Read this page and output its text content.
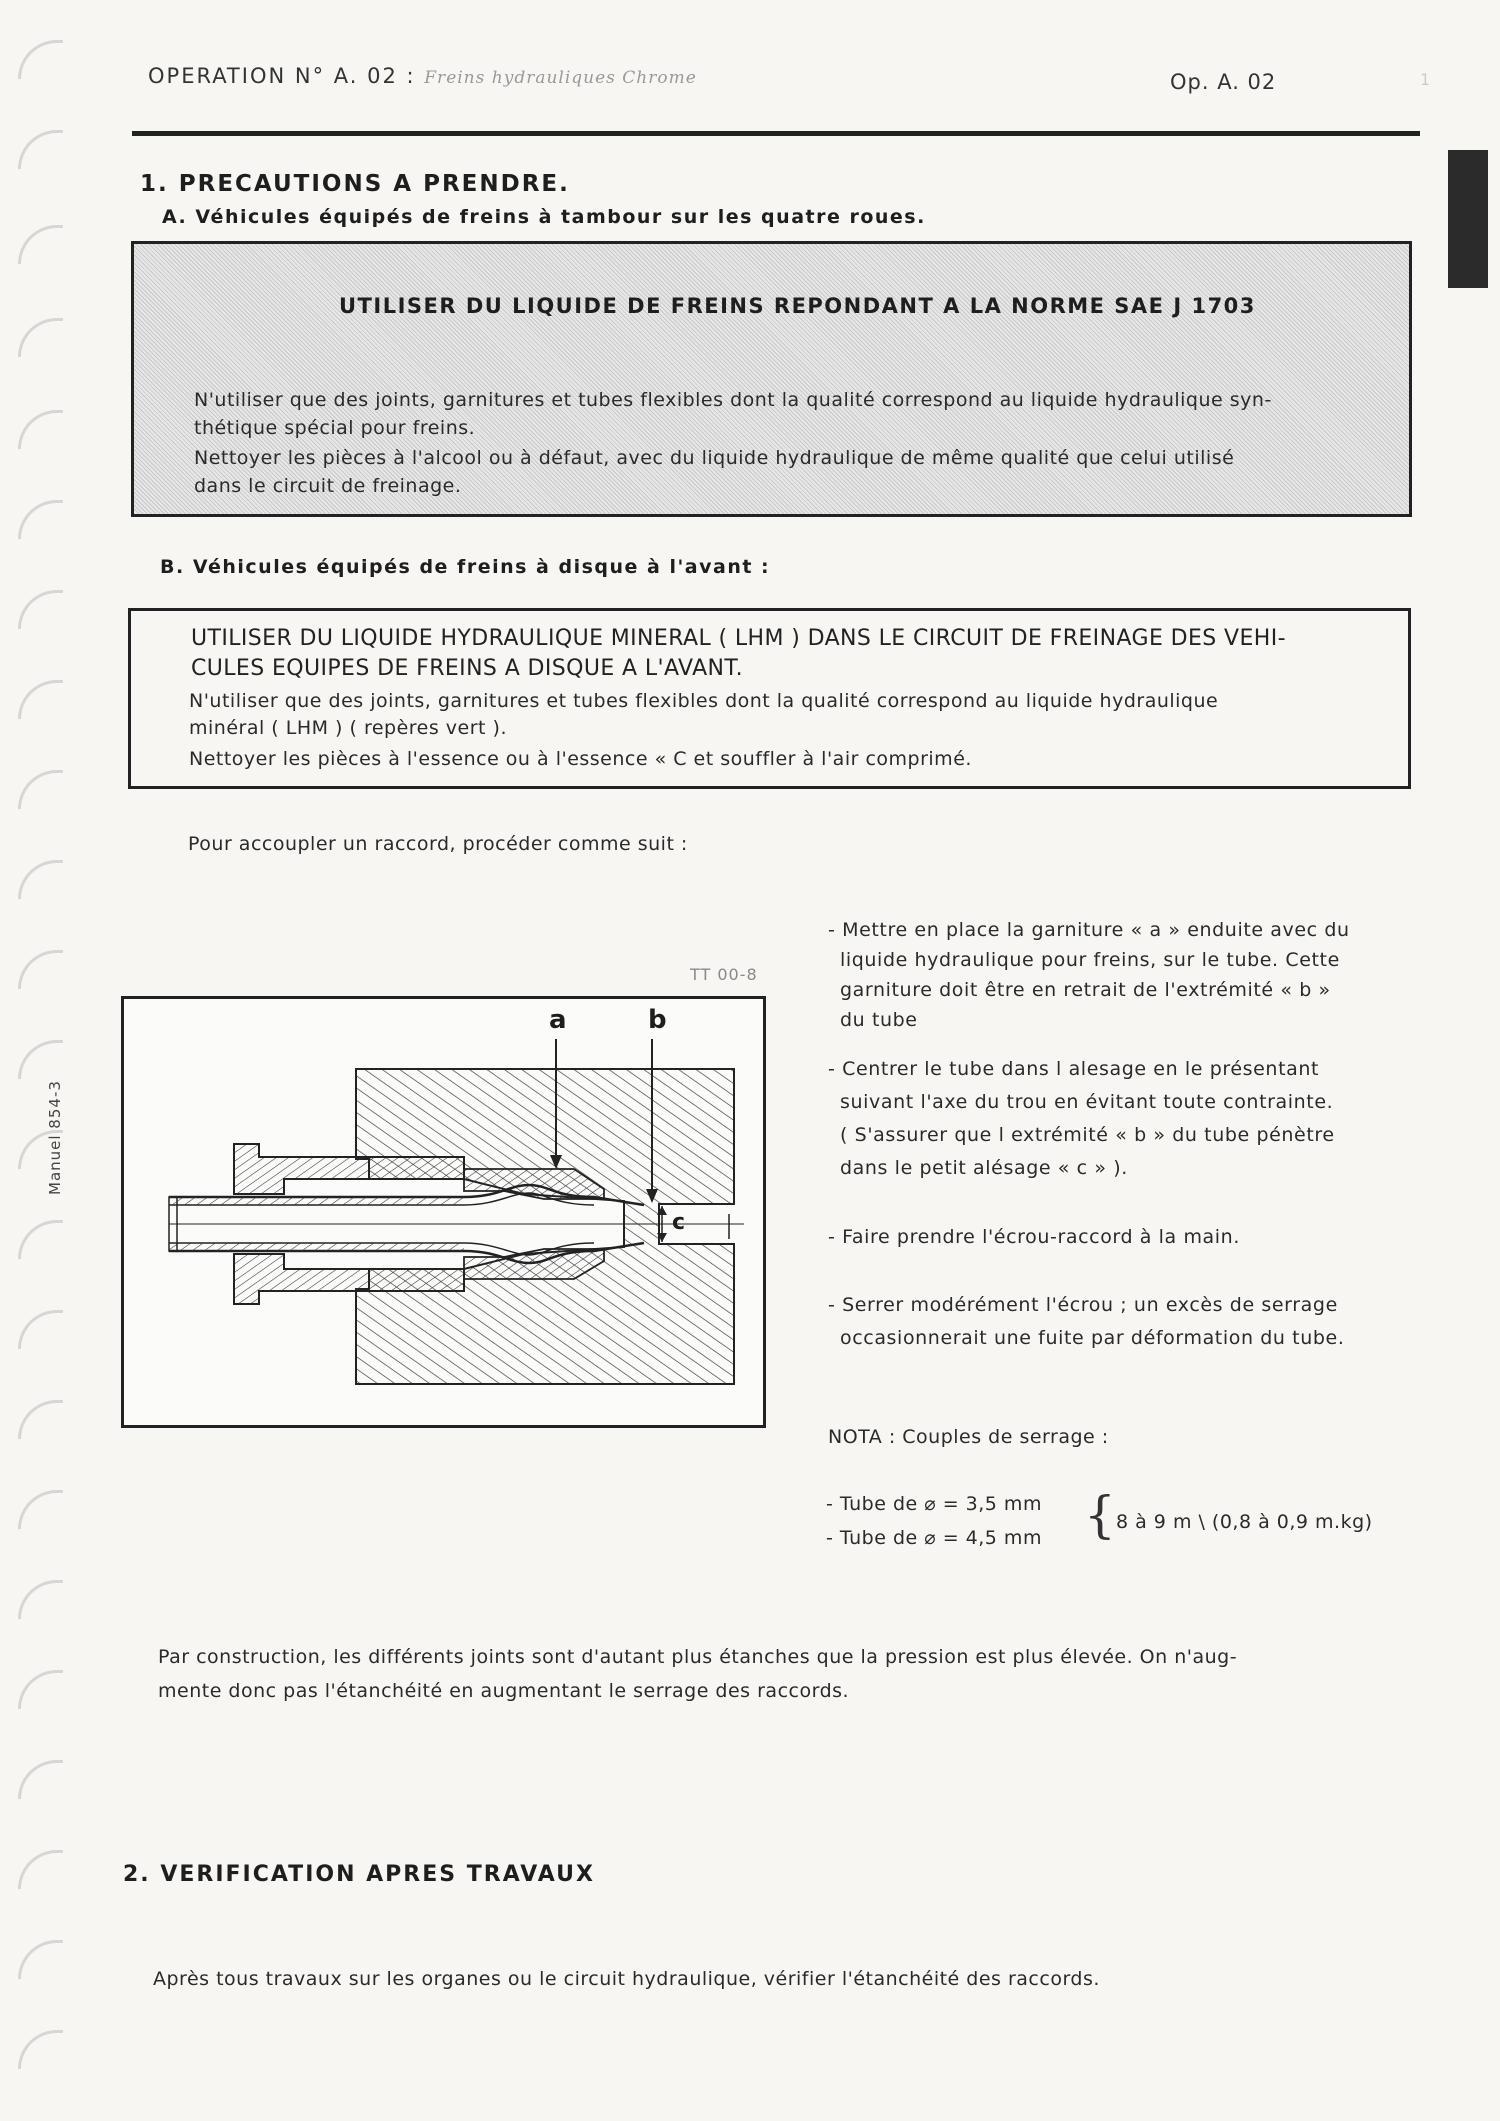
OPERATION N° A. 02 : Freins hydrauliques Chrome	Op. A. 02	1
Manuel 854-3
1. PRECAUTIONS A PRENDRE.
A. Véhicules équipés de freins à tambour sur les quatre roues.
UTILISER DU LIQUIDE DE FREINS REPONDANT A LA NORME SAE J 1703
N'utiliser que des joints, garnitures et tubes flexibles dont la qualité correspond au liquide hydraulique syn-
thétique spécial pour freins.
Nettoyer les pièces à l'alcool ou à défaut, avec du liquide hydraulique de même qualité que celui utilisé
dans le circuit de freinage.
B. Véhicules équipés de freins à disque à l'avant :
UTILISER DU LIQUIDE HYDRAULIQUE MINERAL ( LHM ) DANS LE CIRCUIT DE FREINAGE DES VEHI-
CULES EQUIPES DE FREINS A DISQUE A L'AVANT.
N'utiliser que des joints, garnitures et tubes flexibles dont la qualité correspond au liquide hydraulique
minéral ( LHM ) ( repères vert ).
Nettoyer les pièces à l'essence ou à l'essence « C et souffler à l'air comprimé.
Pour accoupler un raccord, procéder comme suit :
TT 00-8
a	b
c
- Mettre en place la garniture « a » enduite avec du
liquide hydraulique pour freins, sur le tube. Cette
garniture doit être en retrait de l'extrémité « b »
du tube
- Centrer le tube dans l alesage en le présentant
suivant l'axe du trou en évitant toute contrainte.
( S'assurer que l extrémité « b » du tube pénètre
dans le petit alésage « c » ).
- Faire prendre l'écrou-raccord à la main.
- Serrer modérément l'écrou ; un excès de serrage
occasionnerait une fuite par déformation du tube.
NOTA : Couples de serrage :
- Tube de ⌀ = 3,5 mm
- Tube de ⌀ = 4,5 mm { 8 à 9 m \ (0,8 à 0,9 m.kg)
Par construction, les différents joints sont d'autant plus étanches que la pression est plus élevée. On n'aug-
mente donc pas l'étanchéité en augmentant le serrage des raccords.
2. VERIFICATION APRES TRAVAUX
Après tous travaux sur les organes ou le circuit hydraulique, vérifier l'étanchéité des raccords.
